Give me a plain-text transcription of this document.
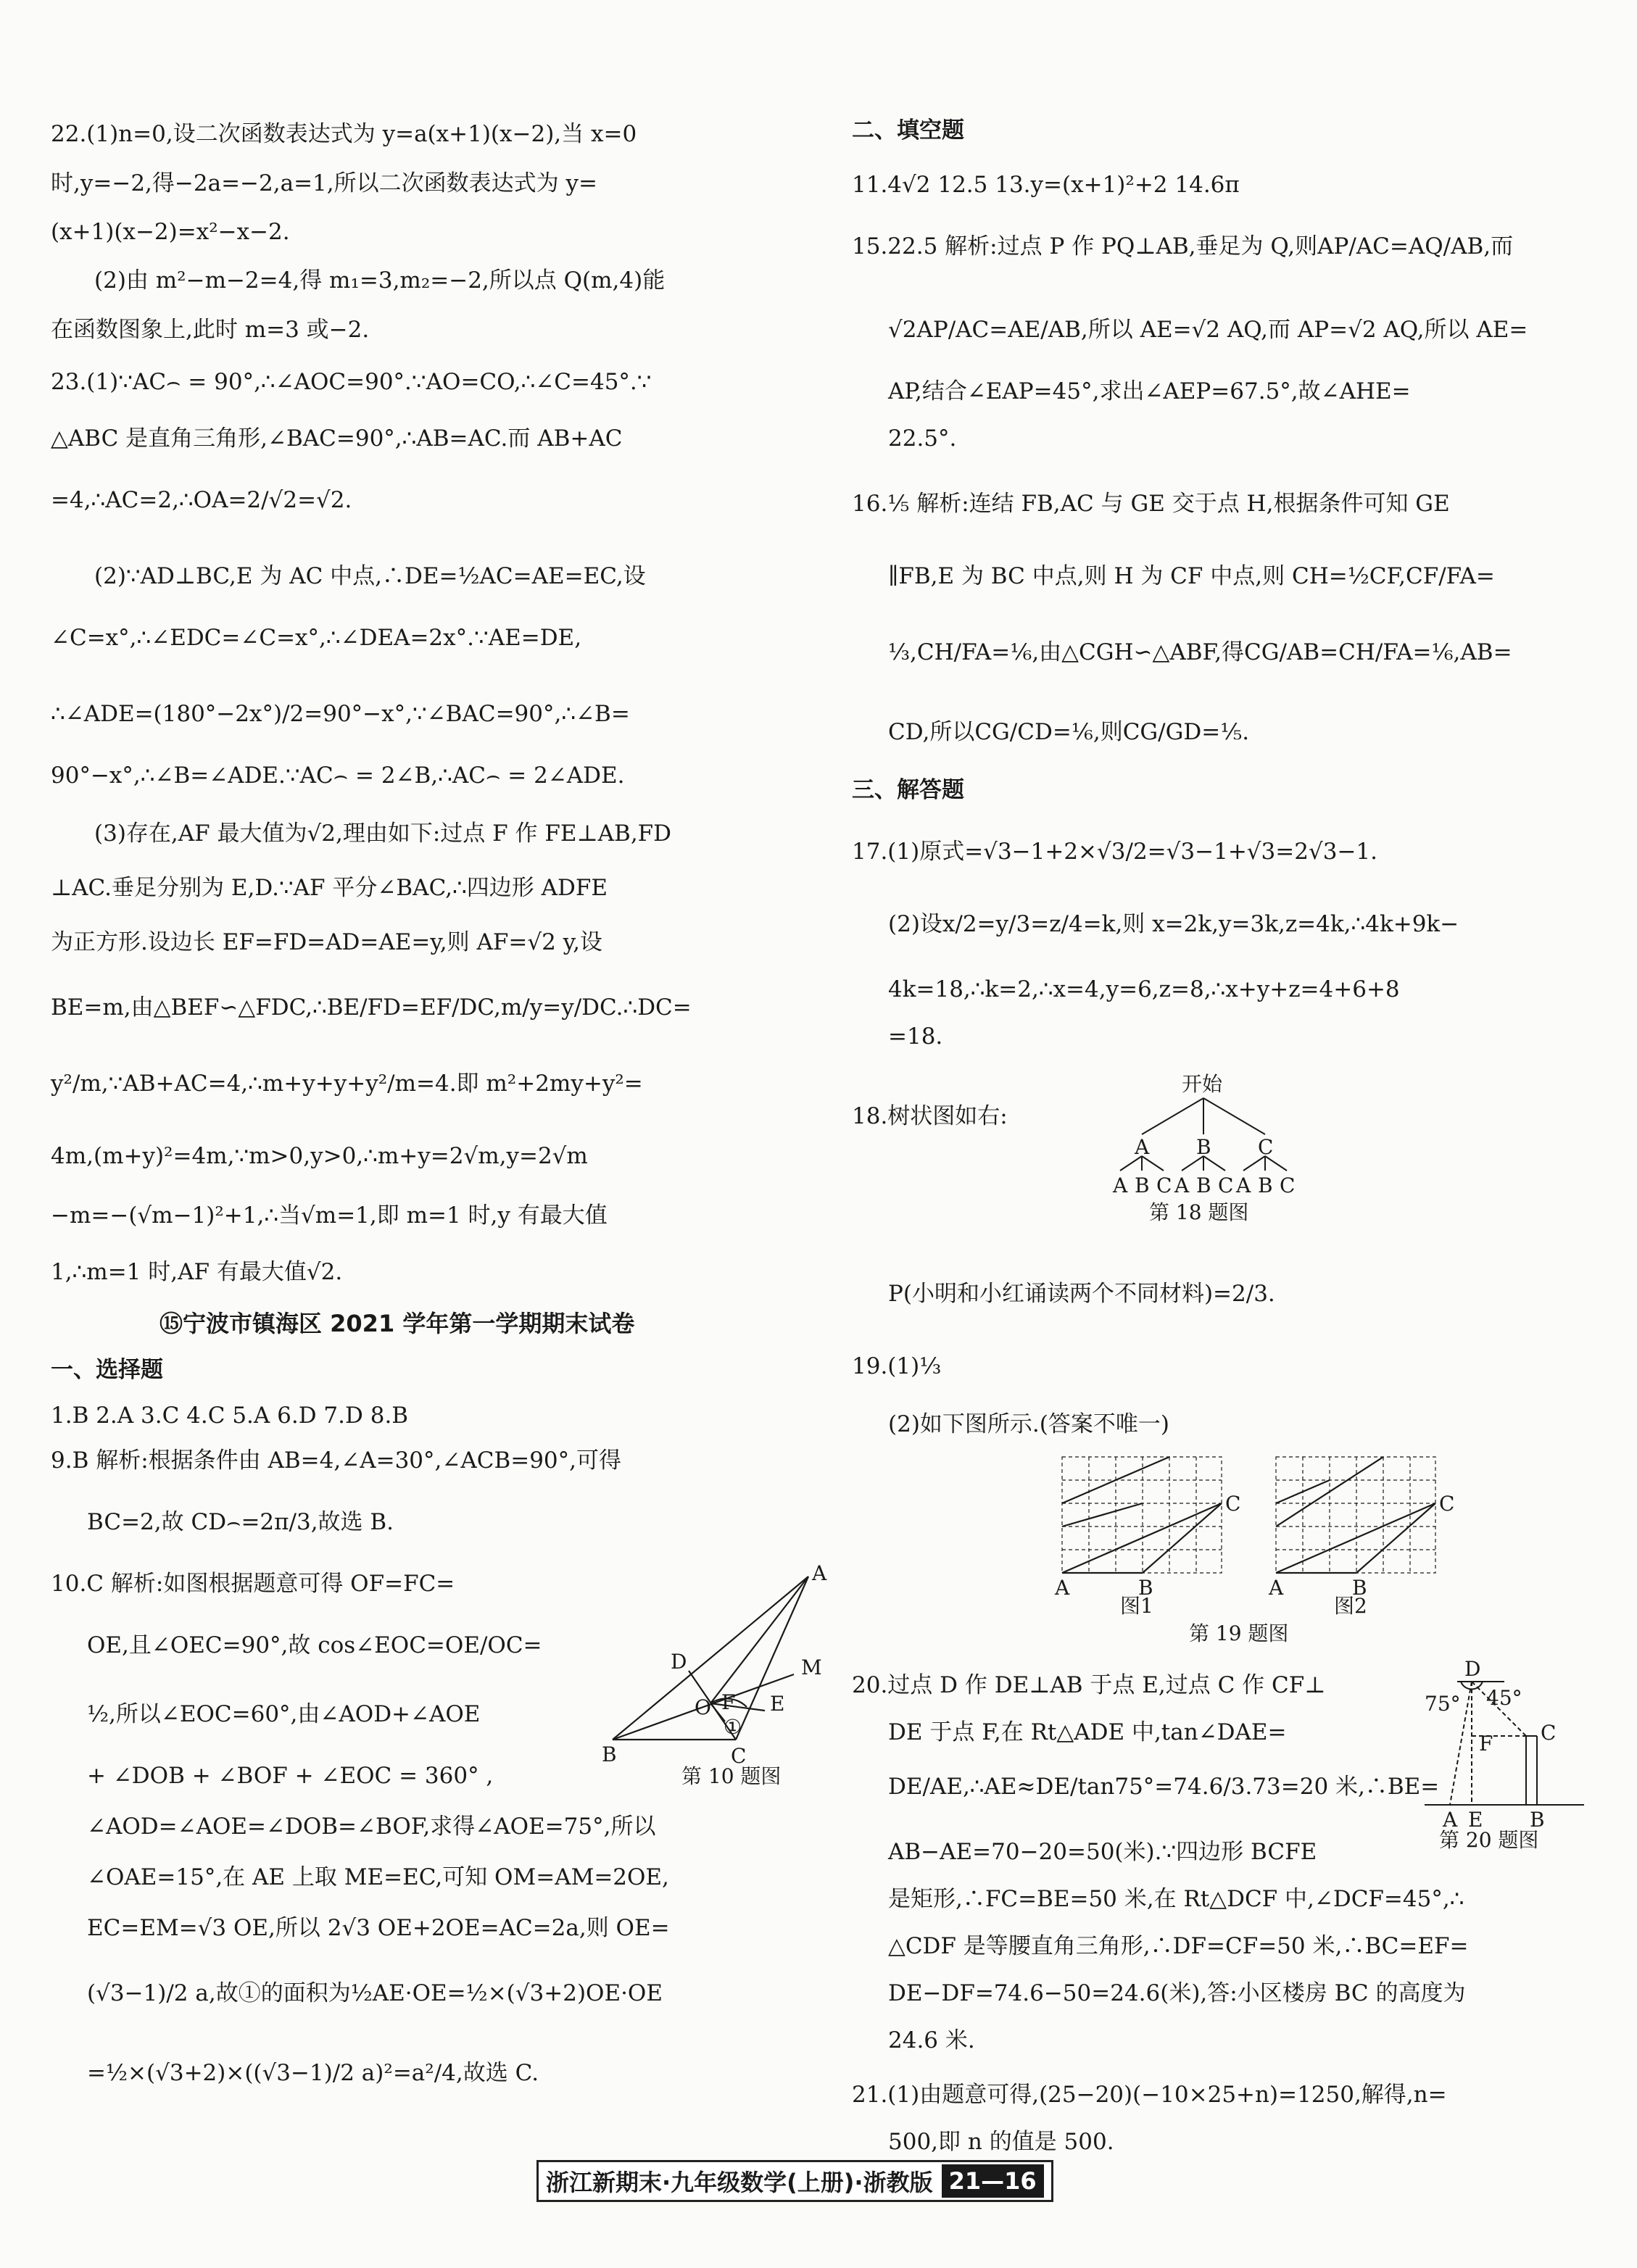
22.(1)n=0,设二次函数表达式为 y=a(x+1)(x−2),当 x=0
时,y=−2,得−2a=−2,a=1,所以二次函数表达式为 y=
(x+1)(x−2)=x²−x−2.
(2)由 m²−m−2=4,得 m₁=3,m₂=−2,所以点 Q(m,4)能
在函数图象上,此时 m=3 或−2.
23.(1)∵AC⌢ =͏ 90°,∴∠AOC=90°.∵AO=CO,∴∠C=45°.∵
△ABC 是直角三角形,∠BAC=90°,∴AB=AC.而 AB+AC
=4,∴AC=2,∴OA=2/√2=√2.
(2)∵AD⊥BC,E 为 AC 中点,∴DE=½AC=AE=EC,设
∠C=x°,∴∠EDC=∠C=x°,∴∠DEA=2x°.∵AE=DE,
∴∠ADE=(180°−2x°)/2=90°−x°,∵∠BAC=90°,∴∠B=
90°−x°,∴∠B=∠ADE.∵AC⌢ =͏ 2∠B,∴AC⌢ =͏ 2∠ADE.
(3)存在,AF 最大值为√2,理由如下:过点 F 作 FE⊥AB,FD
⊥AC.垂足分别为 E,D.∵AF 平分∠BAC,∴四边形 ADFE
为正方形.设边长 EF=FD=AD=AE=y,则 AF=√2 y,设
BE=m,由△BEF∽△FDC,∴BE/FD=EF/DC,m/y=y/DC.∴DC=
y²/m,∵AB+AC=4,∴m+y+y+y²/m=4.即 m²+2my+y²=
4m,(m+y)²=4m,∵m>0,y>0,∴m+y=2√m,y=2√m
−m=−(√m−1)²+1,∴当√m=1,即 m=1 时,y 有最大值
1,∴m=1 时,AF 有最大值√2.
⑮宁波市镇海区 2021 学年第一学期期末试卷
一、选择题
1.B 2.A 3.C 4.C 5.A 6.D 7.D 8.B
9.B 解析:根据条件由 AB=4,∠A=30°,∠ACB=90°,可得
BC=2,故 CD⌢=2π/3,故选 B.
10.C 解析:如图根据题意可得 OF=FC=
OE,且∠OEC=90°,故 cos∠EOC=OE/OC=
½,所以∠EOC=60°,由∠AOD+∠AOE
+ ∠DOB + ∠BOF + ∠EOC = 360° ,
∠AOD=∠AOE=∠DOB=∠BOF,求得∠AOE=75°,所以
∠OAE=15°,在 AE 上取 ME=EC,可知 OM=AM=2OE,
EC=EM=√3 OE,所以 2√3 OE+2OE=AC=2a,则 OE=
(√3−1)/2 a,故①的面积为½AE·OE=½×(√3+2)OE·OE
=½×(√3+2)×((√3−1)/2 a)²=a²/4,故选 C.
A
D	M
O	E
F
①
B	C
第 10 题图
二、填空题
11.4√2 12.5 13.y=(x+1)²+2 14.6π
15.22.5 解析:过点 P 作 PQ⊥AB,垂足为 Q,则AP/AC=AQ/AB,而
√2AP/AC=AE/AB,所以 AE=√2 AQ,而 AP=√2 AQ,所以 AE=
AP,结合∠EAP=45°,求出∠AEP=67.5°,故∠AHE=
22.5°.
16.⅕ 解析:连结 FB,AC 与 GE 交于点 H,根据条件可知 GE
∥FB,E 为 BC 中点,则 H 为 CF 中点,则 CH=½CF,CF/FA=
⅓,CH/FA=⅙,由△CGH∽△ABF,得CG/AB=CH/FA=⅙,AB=
CD,所以CG/CD=⅙,则CG/GD=⅕.
三、解答题
17.(1)原式=√3−1+2×√3/2=√3−1+√3=2√3−1.
(2)设x/2=y/3=z/4=k,则 x=2k,y=3k,z=4k,∴4k+9k−
4k=18,∴k=2,∴x=4,y=6,z=8,∴x+y+z=4+6+8
=18.
18.树状图如右:
开始
A B C
A B C A B C A B C
第 18 题图
P(小明和小红诵读两个不同材料)=2/3.
19.(1)⅓
(2)如下图所示.(答案不唯一)
A	B
C
A	B
C
图1	图2
第 19 题图
20.过点 D 作 DE⊥AB 于点 E,过点 C 作 CF⊥
DE 于点 F,在 Rt△ADE 中,tan∠DAE=
DE/AE,∴AE≈DE/tan75°=74.6/3.73=20 米,∴BE=
AB−AE=70−20=50(米).∵四边形 BCFE
是矩形,∴FC=BE=50 米,在 Rt△DCF 中,∠DCF=45°,∴
△CDF 是等腰直角三角形,∴DF=CF=50 米,∴BC=EF=
DE−DF=74.6−50=24.6(米),答:小区楼房 BC 的高度为
24.6 米.
D
45°
75°
F C
A E B
第 20 题图
21.(1)由题意可得,(25−20)(−10×25+n)=1250,解得,n=
500,即 n 的值是 500.
浙江新期末·九年级数学(上册)·浙教版 21—16
